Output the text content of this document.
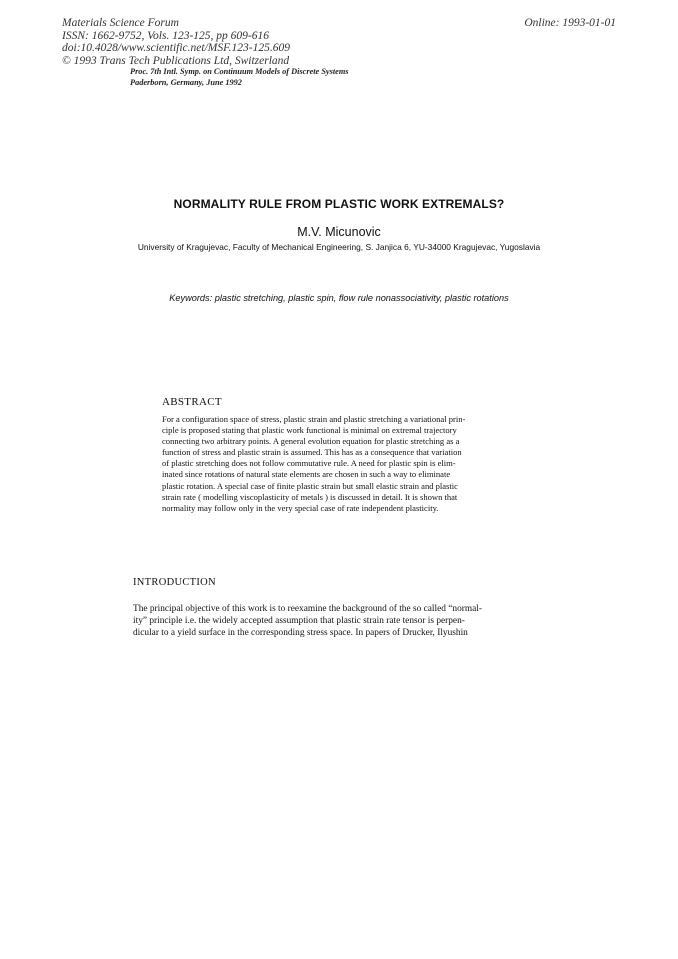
Materials Science Forum
ISSN: 1662-9752, Vols. 123-125, pp 609-616
doi:10.4028/www.scientific.net/MSF.123-125.609
© 1993 Trans Tech Publications Ltd, Switzerland
Online: 1993-01-01
Proc. 7th Intl. Symp. on Continuum Models of Discrete Systems
Paderborn, Germany, June 1992
NORMALITY RULE FROM PLASTIC WORK EXTREMALS?
M.V. Micunovic
University of Kragujevac, Faculty of Mechanical Engineering, S. Janjica 6, YU-34000 Kragujevac, Yugoslavia
Keywords: plastic stretching, plastic spin, flow rule nonassociativity, plastic rotations
ABSTRACT
For a configuration space of stress, plastic strain and plastic stretching a variational prin-
ciple is proposed stating that plastic work functional is minimal on extremal trajectory
connecting two arbitrary points. A general evolution equation for plastic stretching as a
function of stress and plastic strain is assumed. This has as a consequence that variation
of plastic stretching does not follow commutative rule. A need for plastic spin is elim-
inated since rotations of natural state elements are chosen in such a way to eliminate
plastic rotation. A special case of finite plastic strain but small elastic strain and plastic
strain rate ( modelling viscoplasticity of metals ) is discussed in detail. It is shown that
normality may follow only in the very special case of rate independent plasticity.
INTRODUCTION
The principal objective of this work is to reexamine the background of the so called “normal-
ity” principle i.e. the widely accepted assumption that plastic strain rate tensor is perpen-
dicular to a yield surface in the corresponding stress space. In papers of Drucker, Ilyushin
